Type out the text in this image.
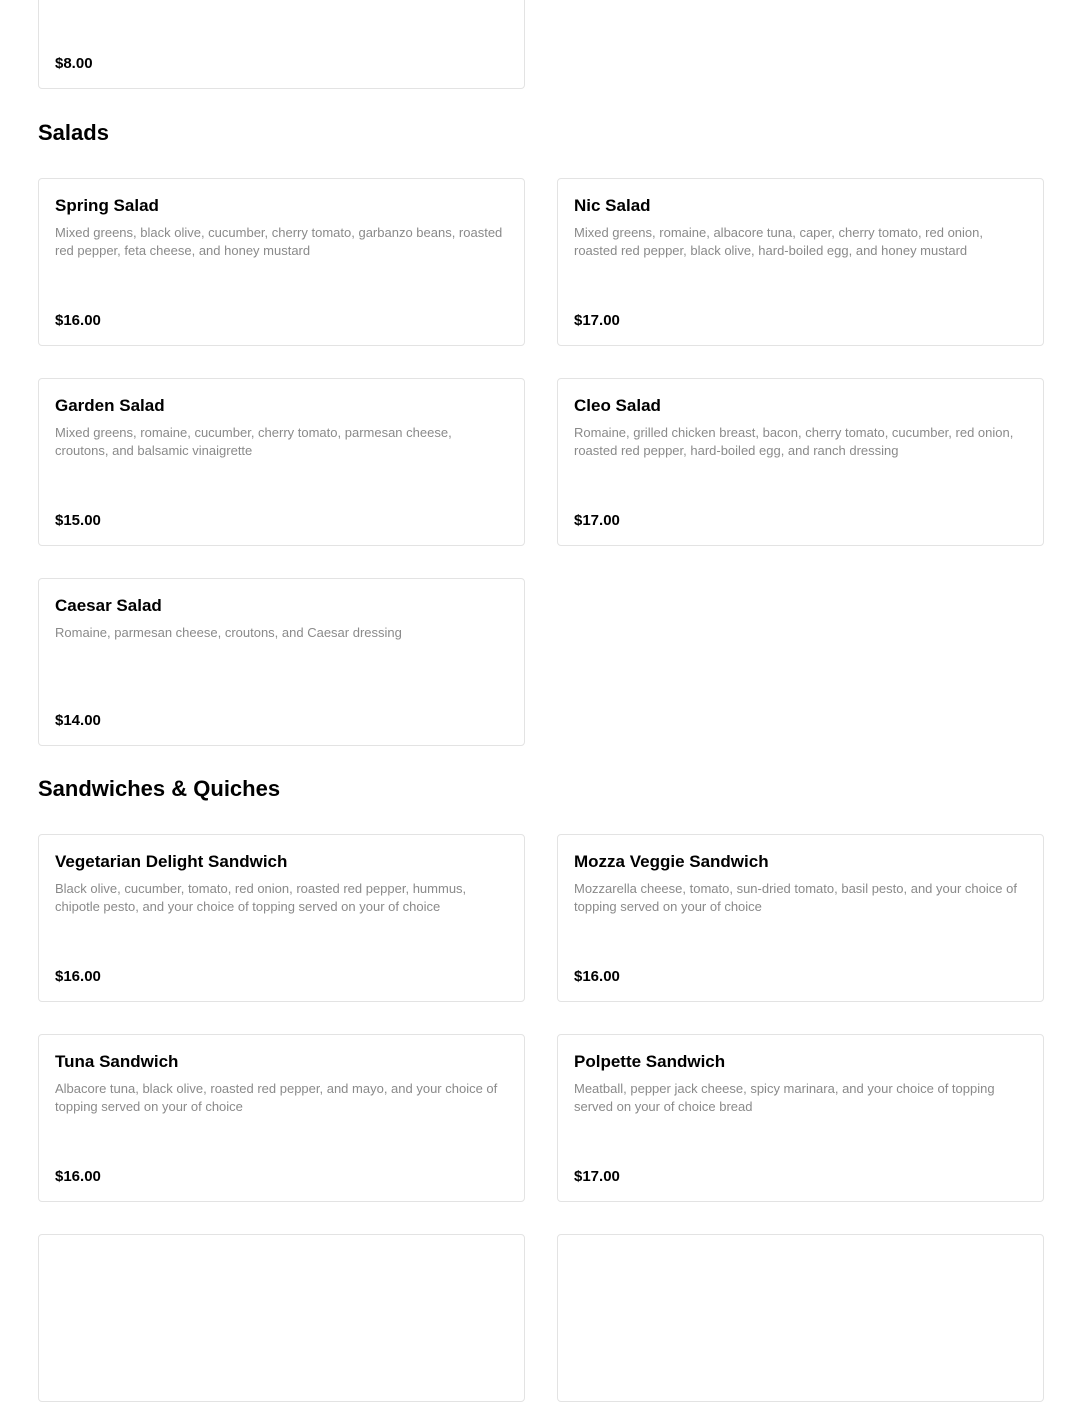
$8.00
Salads
Spring Salad
Mixed greens, black olive, cucumber, cherry tomato, garbanzo beans, roasted red pepper, feta cheese, and honey mustard
$16.00
Nic Salad
Mixed greens, romaine, albacore tuna, caper, cherry tomato, red onion, roasted red pepper, black olive, hard-boiled egg, and honey mustard
$17.00
Garden Salad
Mixed greens, romaine, cucumber, cherry tomato, parmesan cheese, croutons, and balsamic vinaigrette
$15.00
Cleo Salad
Romaine, grilled chicken breast, bacon, cherry tomato, cucumber, red onion, roasted red pepper, hard-boiled egg, and ranch dressing
$17.00
Caesar Salad
Romaine, parmesan cheese, croutons, and Caesar dressing
$14.00
Sandwiches & Quiches
Vegetarian Delight Sandwich
Black olive, cucumber, tomato, red onion, roasted red pepper, hummus, chipotle pesto, and your choice of topping served on your of choice
$16.00
Mozza Veggie Sandwich
Mozzarella cheese, tomato, sun-dried tomato, basil pesto, and your choice of topping served on your of choice
$16.00
Tuna Sandwich
Albacore tuna, black olive, roasted red pepper, and mayo, and your choice of topping served on your of choice
$16.00
Polpette Sandwich
Meatball, pepper jack cheese, spicy marinara, and your choice of topping served on your of choice bread
$17.00
